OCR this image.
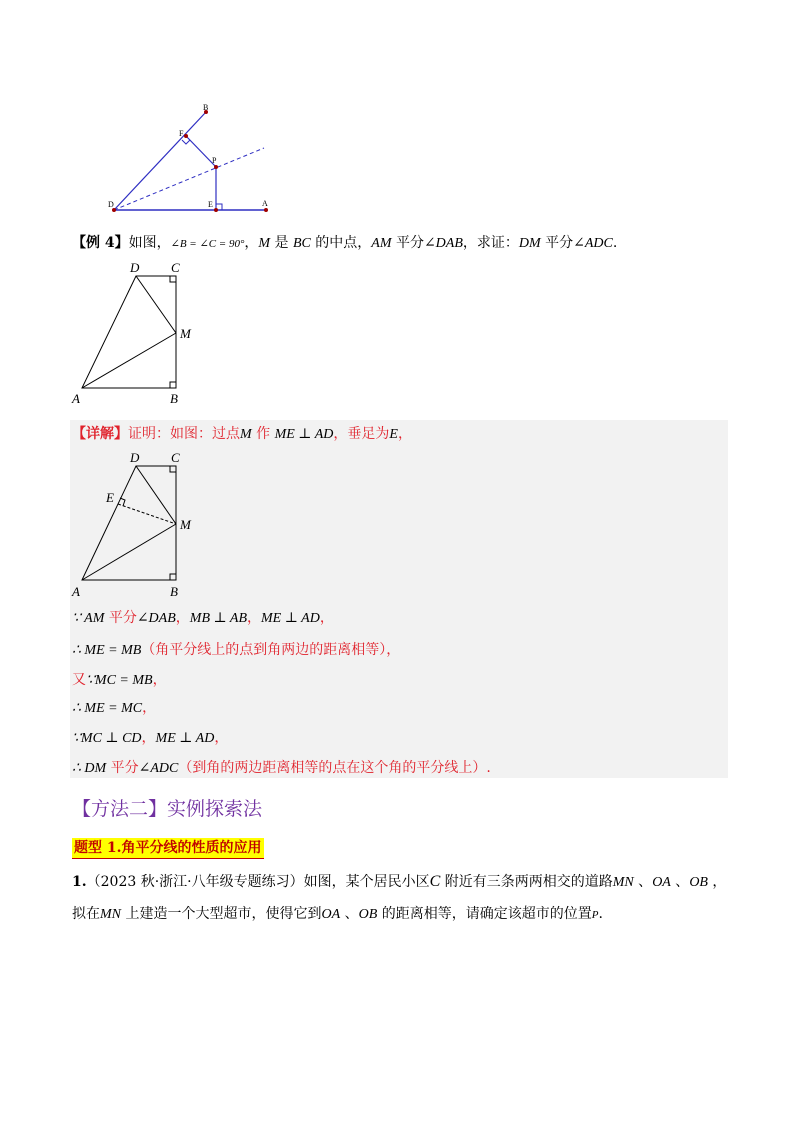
B
F
P
D	E	A
【例 4】如图，∠B = ∠C = 90°，M 是 BC 的中点，AM 平分∠DAB，求证：DM 平分∠ADC.
D C
M
A	B
【详解】证明：如图：过点M 作 ME ⊥ AD，垂足为E，
D C
E
M
A	B
∵ AM 平分∠DAB，MB ⊥ AB，ME ⊥ AD，
∴ ME = MB（角平分线上的点到角两边的距离相等），
又∵MC = MB，
∴ ME = MC，
∵MC ⊥ CD，ME ⊥ AD，
∴ DM 平分∠ADC（到角的两边距离相等的点在这个角的平分线上）.
【方法二】实例探索法
题型 1.角平分线的性质的应用
1.（2023 秋·浙江·八年级专题练习）如图，某个居民小区C 附近有三条两两相交的道路MN 、OA 、OB ，
拟在MN 上建造一个大型超市，使得它到OA 、OB 的距离相等，请确定该超市的位置P.
